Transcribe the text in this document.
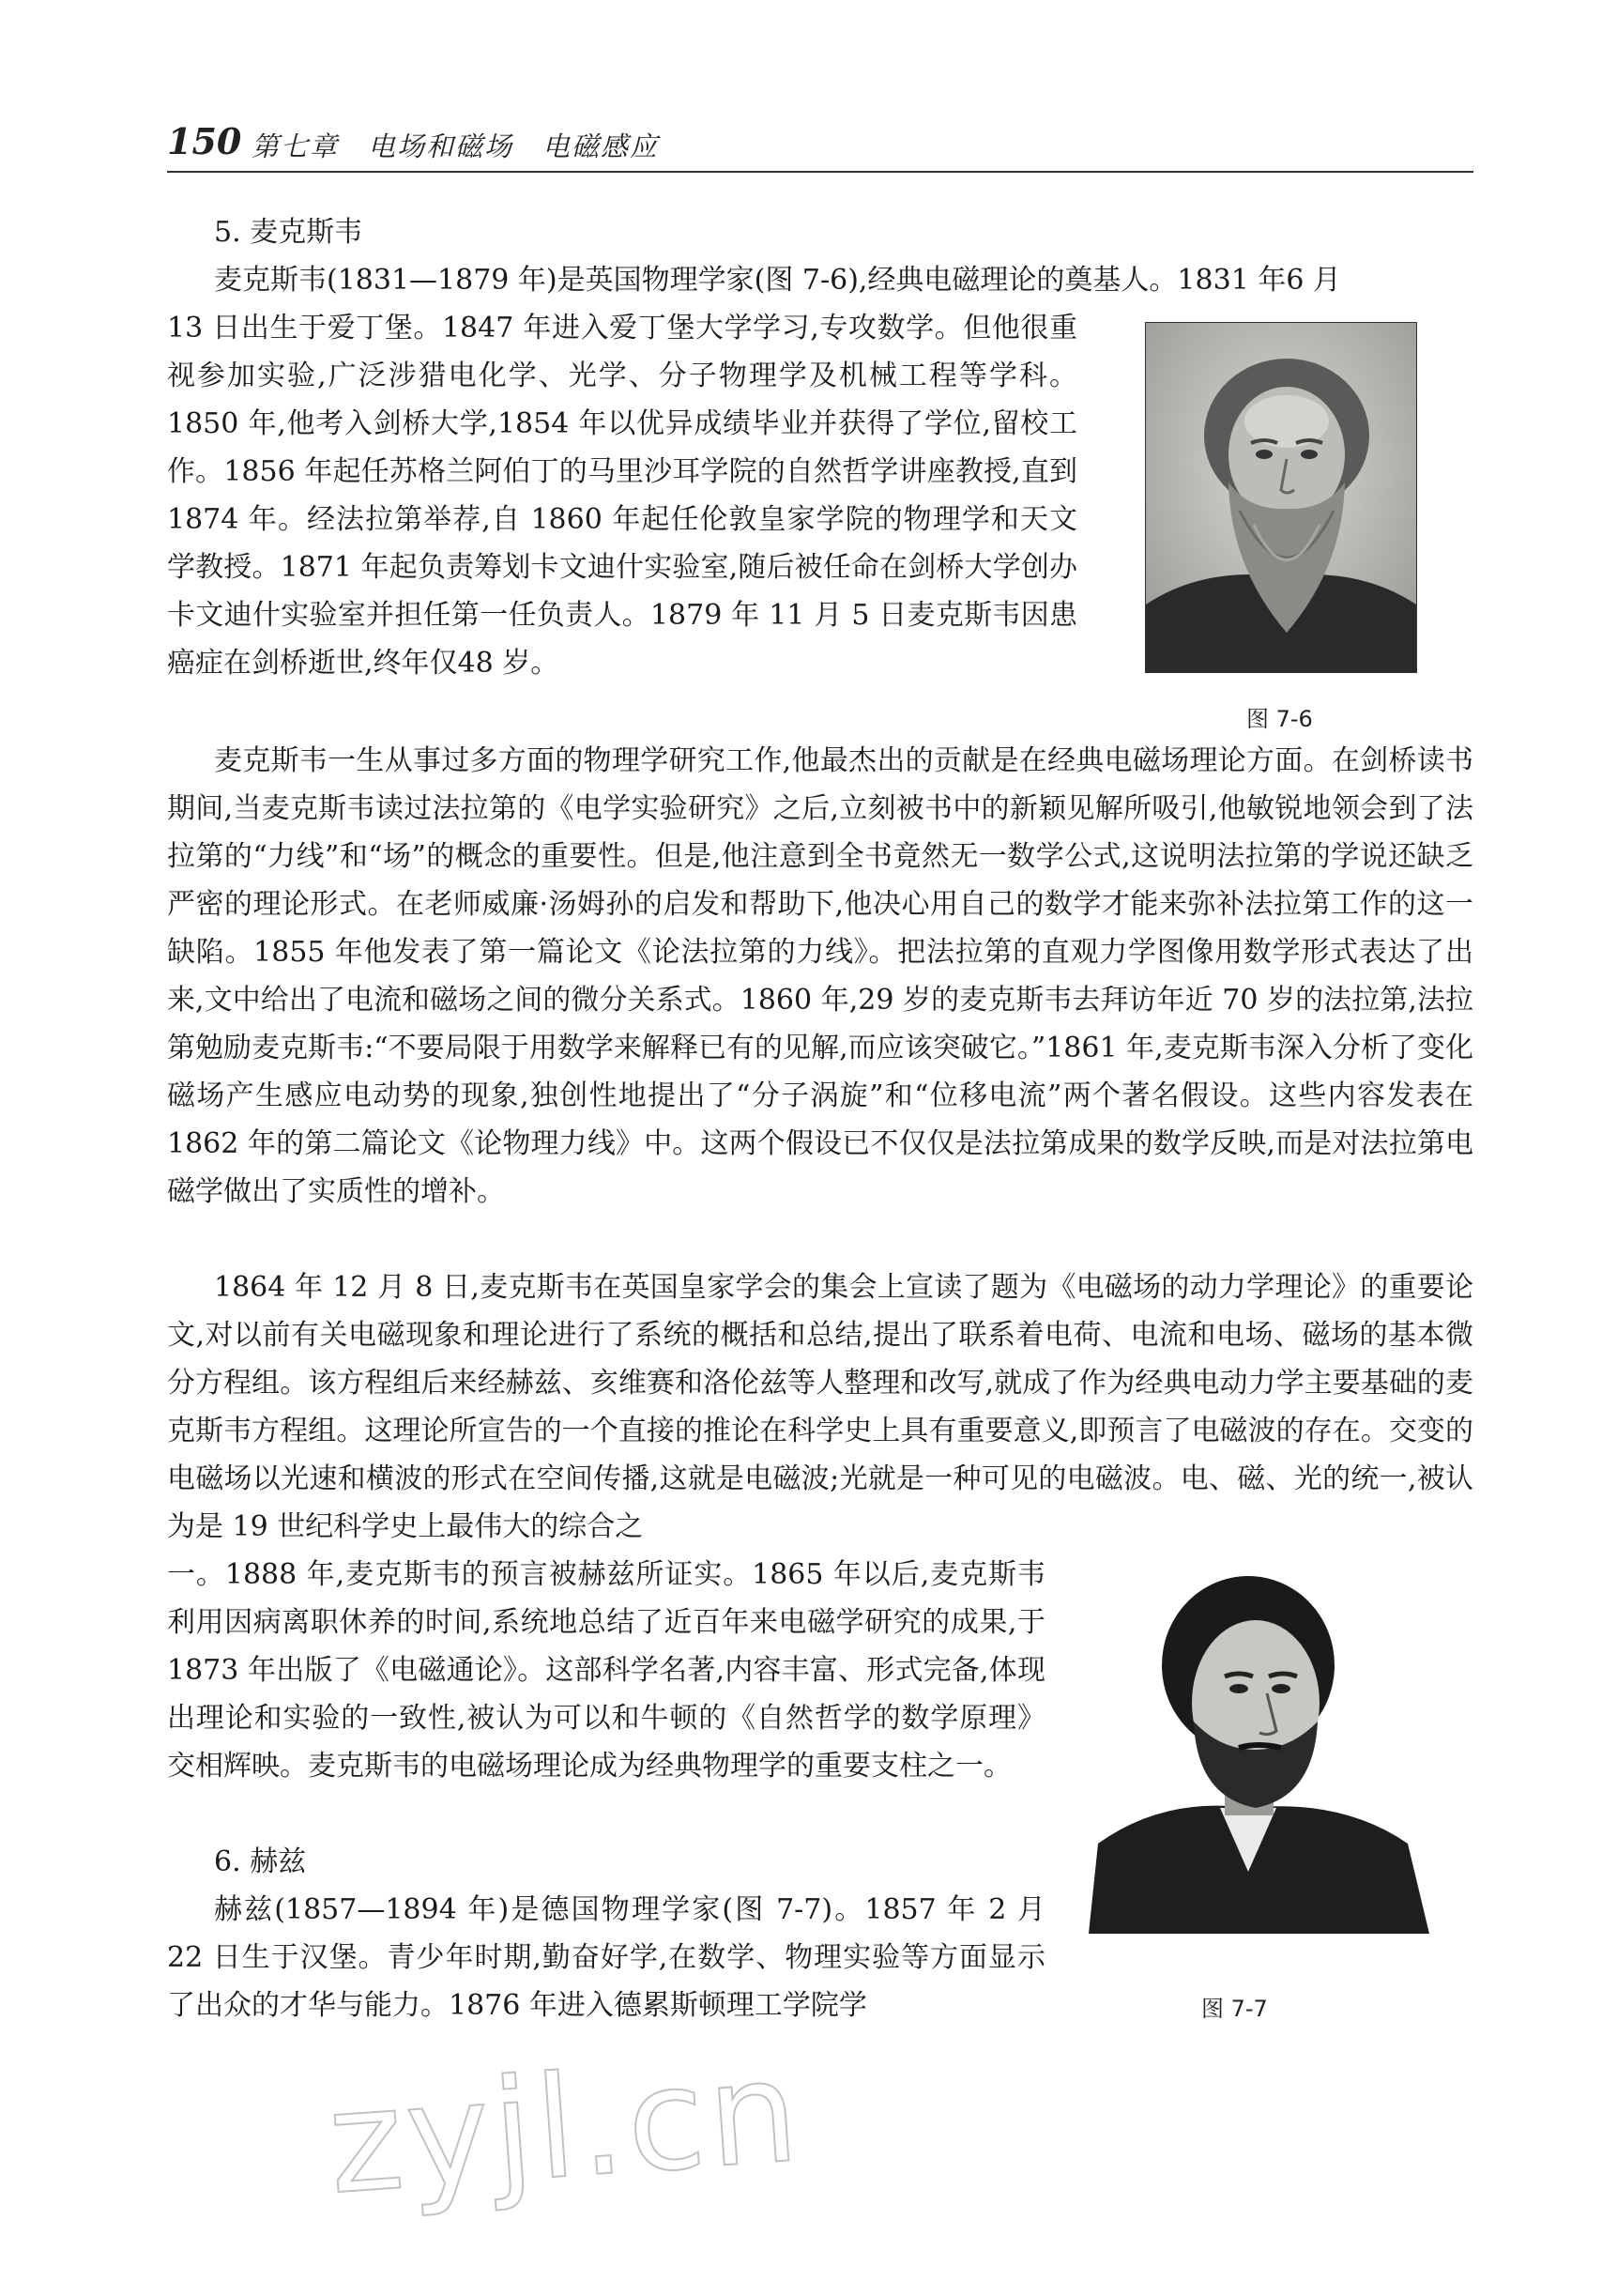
150 第七章　电场和磁场　电磁感应

5. 麦克斯韦

麦克斯韦(1831—1879 年)是英国物理学家(图 7-6),经典电磁理论的奠基人。1831 年6 月

13 日出生于爱丁堡。1847 年进入爱丁堡大学学习,专攻数学。但他很重视参加实验,广泛涉猎电化学、光学、分子物理学及机械工程等学科。1850 年,他考入剑桥大学,1854 年以优异成绩毕业并获得了学位,留校工作。1856 年起任苏格兰阿伯丁的马里沙耳学院的自然哲学讲座教授,直到 1874 年。经法拉第举荐,自 1860 年起任伦敦皇家学院的物理学和天文学教授。1871 年起负责筹划卡文迪什实验室,随后被任命在剑桥大学创办卡文迪什实验室并担任第一任负责人。1879 年 11 月 5 日麦克斯韦因患癌症在剑桥逝世,终年仅48 岁。

图 7-6

麦克斯韦一生从事过多方面的物理学研究工作,他最杰出的贡献是在经典电磁场理论方面。在剑桥读书期间,当麦克斯韦读过法拉第的《电学实验研究》之后,立刻被书中的新颖见解所吸引,他敏锐地领会到了法拉第的“力线”和“场”的概念的重要性。但是,他注意到全书竟然无一数学公式,这说明法拉第的学说还缺乏严密的理论形式。在老师威廉·汤姆孙的启发和帮助下,他决心用自己的数学才能来弥补法拉第工作的这一缺陷。1855 年他发表了第一篇论文《论法拉第的力线》。把法拉第的直观力学图像用数学形式表达了出来,文中给出了电流和磁场之间的微分关系式。1860 年,29 岁的麦克斯韦去拜访年近 70 岁的法拉第,法拉第勉励麦克斯韦:“不要局限于用数学来解释已有的见解,而应该突破它。”1861 年,麦克斯韦深入分析了变化磁场产生感应电动势的现象,独创性地提出了“分子涡旋”和“位移电流”两个著名假设。这些内容发表在 1862 年的第二篇论文《论物理力线》中。这两个假设已不仅仅是法拉第成果的数学反映,而是对法拉第电磁学做出了实质性的增补。

1864 年 12 月 8 日,麦克斯韦在英国皇家学会的集会上宣读了题为《电磁场的动力学理论》的重要论文,对以前有关电磁现象和理论进行了系统的概括和总结,提出了联系着电荷、电流和电场、磁场的基本微分方程组。该方程组后来经赫兹、亥维赛和洛伦兹等人整理和改写,就成了作为经典电动力学主要基础的麦克斯韦方程组。这理论所宣告的一个直接的推论在科学史上具有重要意义,即预言了电磁波的存在。交变的电磁场以光速和横波的形式在空间传播,这就是电磁波;光就是一种可见的电磁波。电、磁、光的统一,被认为是 19 世纪科学史上最伟大的综合之

一。1888 年,麦克斯韦的预言被赫兹所证实。1865 年以后,麦克斯韦利用因病离职休养的时间,系统地总结了近百年来电磁学研究的成果,于 1873 年出版了《电磁通论》。这部科学名著,内容丰富、形式完备,体现出理论和实验的一致性,被认为可以和牛顿的《自然哲学的数学原理》交相辉映。麦克斯韦的电磁场理论成为经典物理学的重要支柱之一。

图 7-7

6. 赫兹

赫兹(1857—1894 年)是德国物理学家(图 7-7)。1857 年 2 月 22 日生于汉堡。青少年时期,勤奋好学,在数学、物理实验等方面显示了出众的才华与能力。1876 年进入德累斯顿理工学院学

zyjl.cn
